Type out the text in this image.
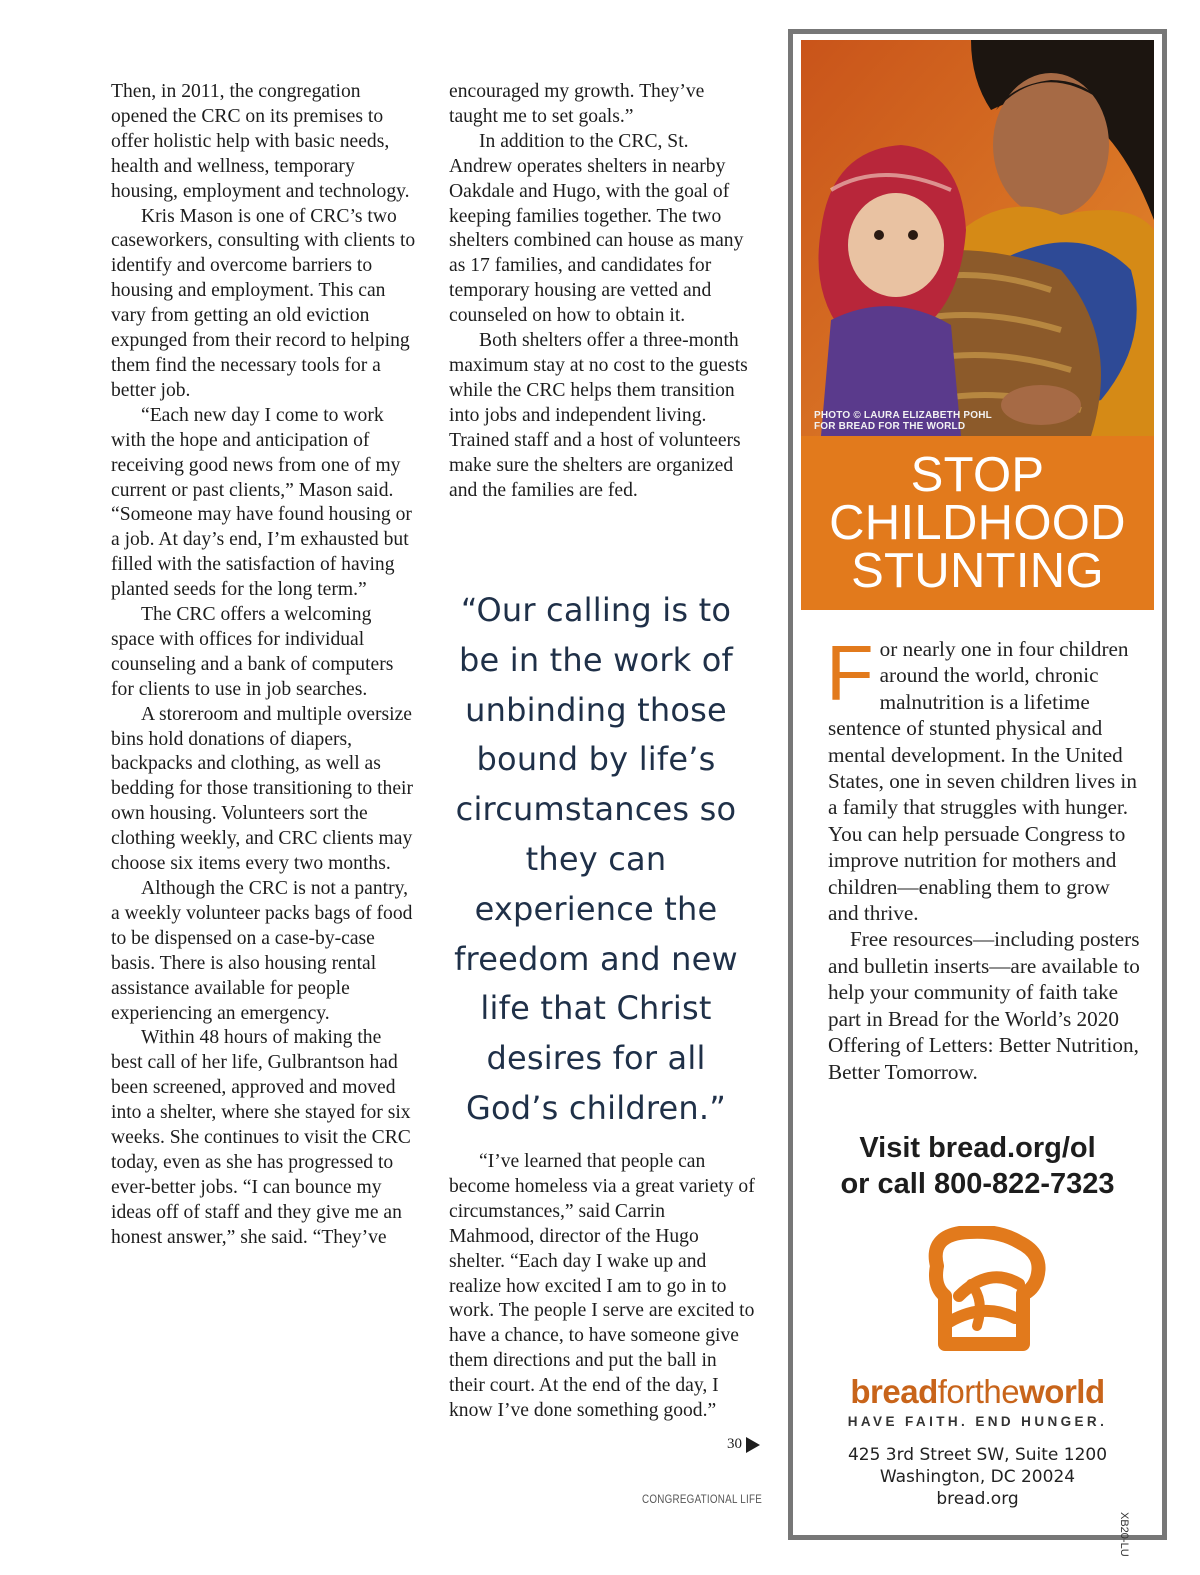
Then, in 2011, the congregation opened the CRC on its premises to offer holistic help with basic needs, health and wellness, temporary housing, employment and technology.

Kris Mason is one of CRC’s two caseworkers, consulting with clients to identify and overcome barriers to housing and employment. This can vary from getting an old eviction expunged from their record to helping them find the necessary tools for a better job.

“Each new day I come to work with the hope and anticipation of receiving good news from one of my current or past clients,” Mason said. “Someone may have found housing or a job. At day’s end, I’m exhausted but filled with the satisfaction of having planted seeds for the long term.”

The CRC offers a welcoming space with offices for individual counseling and a bank of computers for clients to use in job searches.

A storeroom and multiple oversize bins hold donations of diapers, backpacks and clothing, as well as bedding for those transitioning to their own housing. Volunteers sort the clothing weekly, and CRC clients may choose six items every two months.

Although the CRC is not a pantry, a weekly volunteer packs bags of food to be dispensed on a case-by-case basis. There is also housing rental assistance available for people experiencing an emergency.

Within 48 hours of making the best call of her life, Gulbrantson had been screened, approved and moved into a shelter, where she stayed for six weeks. She continues to visit the CRC today, even as she has progressed to ever-better jobs. “I can bounce my ideas off of staff and they give me an honest answer,” she said. “They’ve

encouraged my growth. They’ve taught me to set goals.”

In addition to the CRC, St. Andrew operates shelters in nearby Oakdale and Hugo, with the goal of keeping families together. The two shelters combined can house as many as 17 families, and candidates for temporary housing are vetted and counseled on how to obtain it.

Both shelters offer a three-month maximum stay at no cost to the guests while the CRC helps them transition into jobs and independent living. Trained staff and a host of volunteers make sure the shelters are organized and the families are fed.

“Our calling is to be in the work of unbinding those bound by life’s circumstances so they can experience the freedom and new life that Christ desires for all God’s children.”

“I’ve learned that people can become homeless via a great variety of circumstances,” said Carrin Mahmood, director of the Hugo shelter. “Each day I wake up and realize how excited I am to go in to work. The people I serve are excited to have a chance, to have someone give them directions and put the ball in their court. At the end of the day, I know I’ve done something good.”

30
CONGREGATIONAL LIFE
PHOTO © LAURA ELIZABETH POHL
FOR BREAD FOR THE WORLD
STOP
CHILDHOOD
STUNTING

For nearly one in four children around the world, chronic malnutrition is a lifetime sentence of stunted physical and mental development. In the United States, one in seven children lives in a family that struggles with hunger. You can help persuade Congress to improve nutrition for mothers and children—enabling them to grow and thrive.

Free resources—including posters and bulletin inserts—are available to help your community of faith take part in Bread for the World’s 2020 Offering of Letters: Better Nutrition, Better Tomorrow.

Visit bread.org/ol
or call 800-822-7323
breadfortheworld
HAVE FAITH. END HUNGER.
425 3rd Street SW, Suite 1200
Washington, DC 20024
bread.org
XB20-LU
